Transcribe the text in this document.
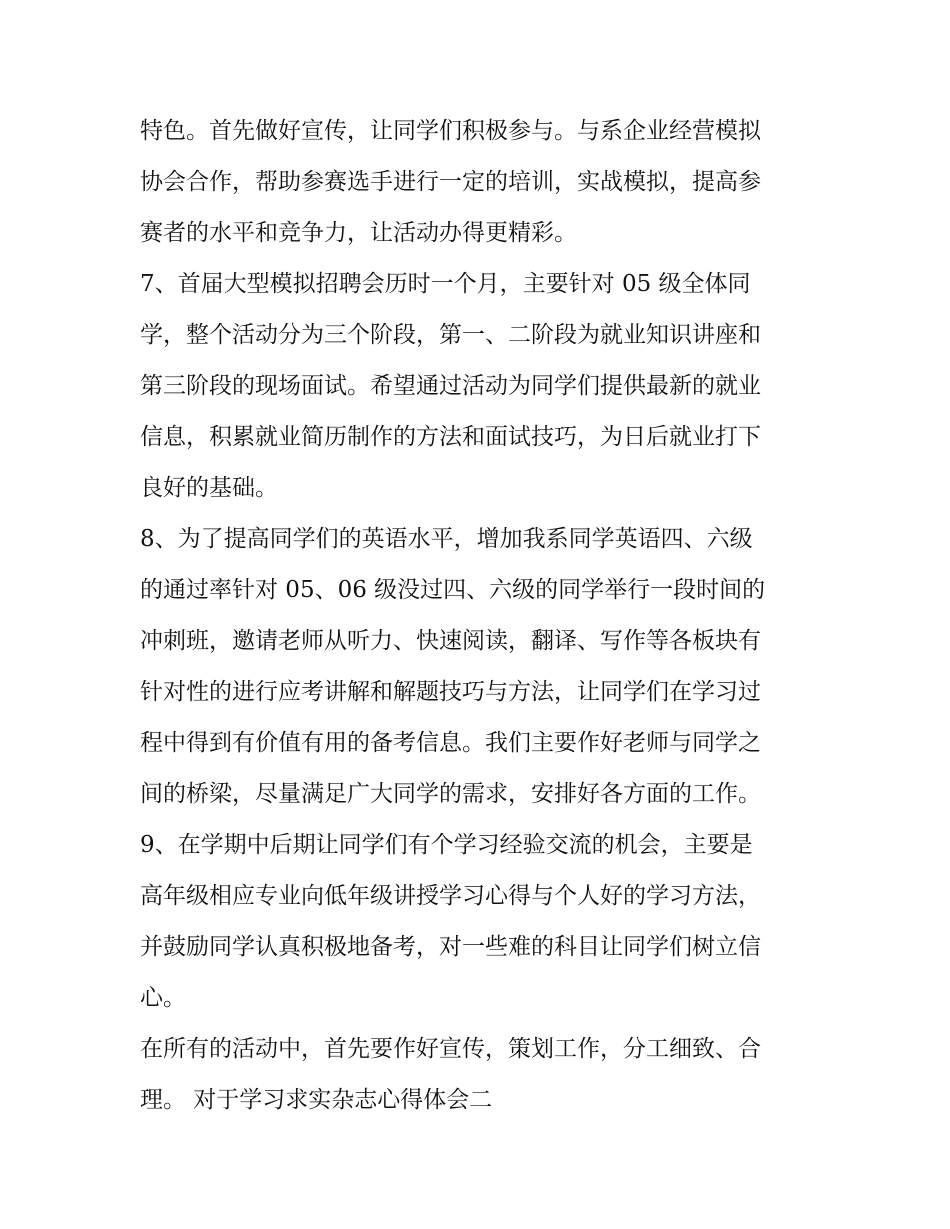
特色。首先做好宣传，让同学们积极参与。与系企业经营模拟
协会合作，帮助参赛选手进行一定的培训，实战模拟，提高参
赛者的水平和竞争力，让活动办得更精彩。
7、首届大型模拟招聘会历时一个月，主要针对 05 级全体同
学，整个活动分为三个阶段，第一、二阶段为就业知识讲座和
第三阶段的现场面试。希望通过活动为同学们提供最新的就业
信息，积累就业简历制作的方法和面试技巧，为日后就业打下
良好的基础。
8、为了提高同学们的英语水平，增加我系同学英语四、六级
的通过率针对 05、06 级没过四、六级的同学举行一段时间的
冲刺班，邀请老师从听力、快速阅读，翻译、写作等各板块有
针对性的进行应考讲解和解题技巧与方法，让同学们在学习过
程中得到有价值有用的备考信息。我们主要作好老师与同学之
间的桥梁，尽量满足广大同学的需求，安排好各方面的工作。
9、在学期中后期让同学们有个学习经验交流的机会，主要是
高年级相应专业向低年级讲授学习心得与个人好的学习方法，
并鼓励同学认真积极地备考，对一些难的科目让同学们树立信
心。
在所有的活动中，首先要作好宣传，策划工作，分工细致、合
理。 对于学习求实杂志心得体会二
